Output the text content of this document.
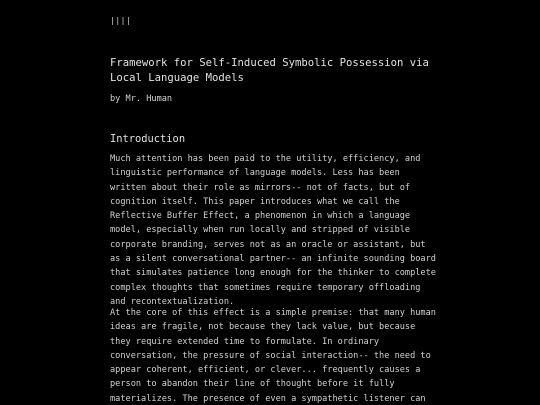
||||
Framework for Self-Induced Symbolic Possession via
Local Language Models
by Mr. Human
Introduction

Much attention has been paid to the utility, efficiency, and
linguistic performance of language models. Less has been
written about their role as mirrors-- not of facts, but of
cognition itself. This paper introduces what we call the
Reflective Buffer Effect, a phenomenon in which a language
model, especially when run locally and stripped of visible
corporate branding, serves not as an oracle or assistant, but
as a silent conversational partner-- an infinite sounding board
that simulates patience long enough for the thinker to complete
complex thoughts that sometimes require temporary offloading
and recontextualization.

At the core of this effect is a simple premise: that many human
ideas are fragile, not because they lack value, but because
they require extended time to formulate. In ordinary
conversation, the pressure of social interaction-- the need to
appear coherent, efficient, or clever... frequently causes a
person to abandon their line of thought before it fully
materializes. The presence of even a sympathetic listener can
